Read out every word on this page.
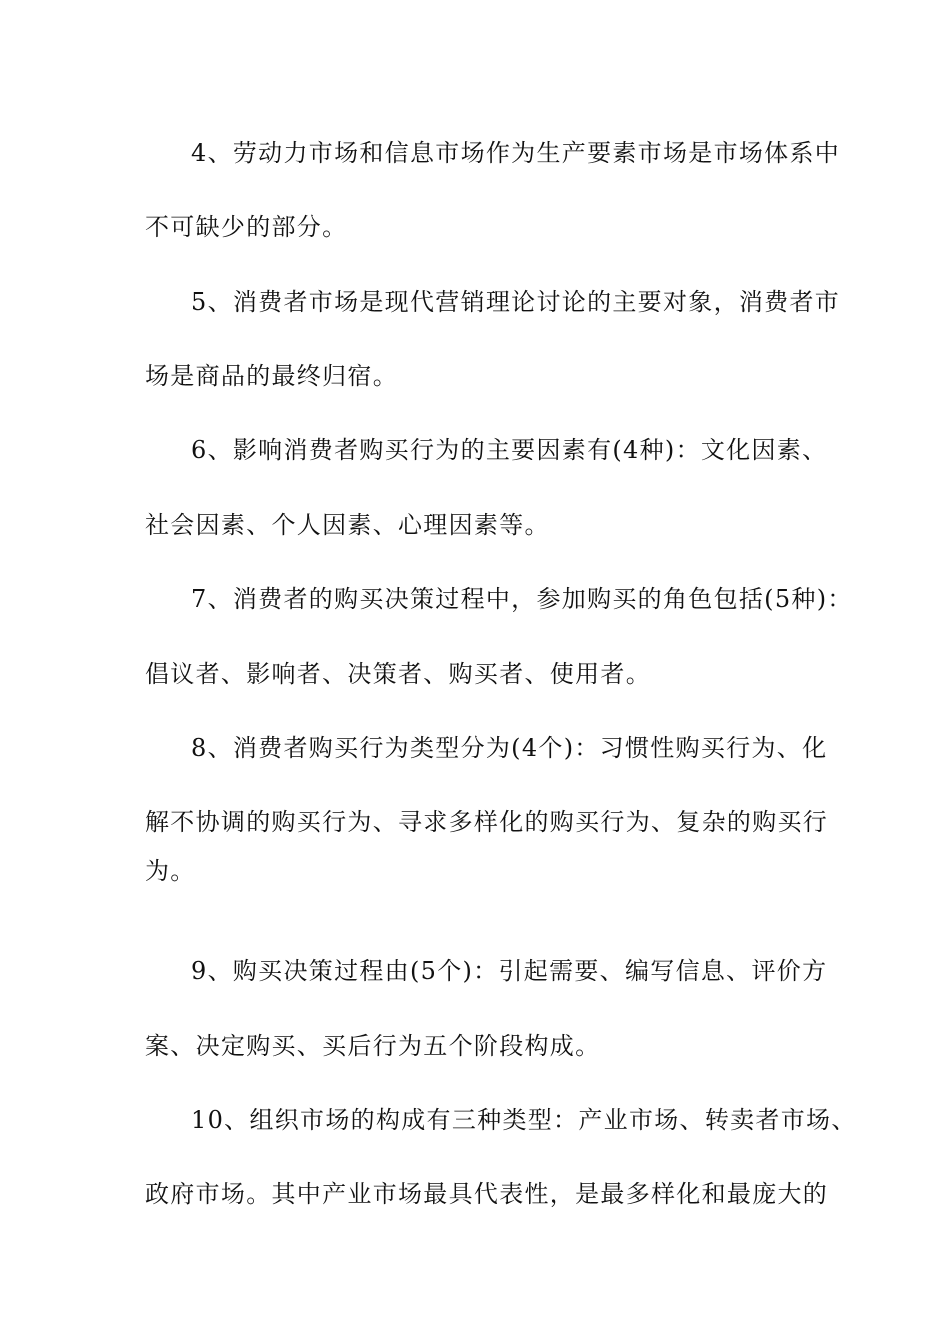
4、劳动力市场和信息市场作为生产要素市场是市场体系中
不可缺少的部分。
5、消费者市场是现代营销理论讨论的主要对象，消费者市
场是商品的最终归宿。
6、影响消费者购买行为的主要因素有(4种)：文化因素、
社会因素、个人因素、心理因素等。
7、消费者的购买决策过程中，参加购买的角色包括(5种)：
倡议者、影响者、决策者、购买者、使用者。
8、消费者购买行为类型分为(4个)：习惯性购买行为、化
解不协调的购买行为、寻求多样化的购买行为、复杂的购买行
为。
9、购买决策过程由(5个)：引起需要、编写信息、评价方
案、决定购买、买后行为五个阶段构成。
10、组织市场的构成有三种类型：产业市场、转卖者市场、
政府市场。其中产业市场最具代表性，是最多样化和最庞大的
